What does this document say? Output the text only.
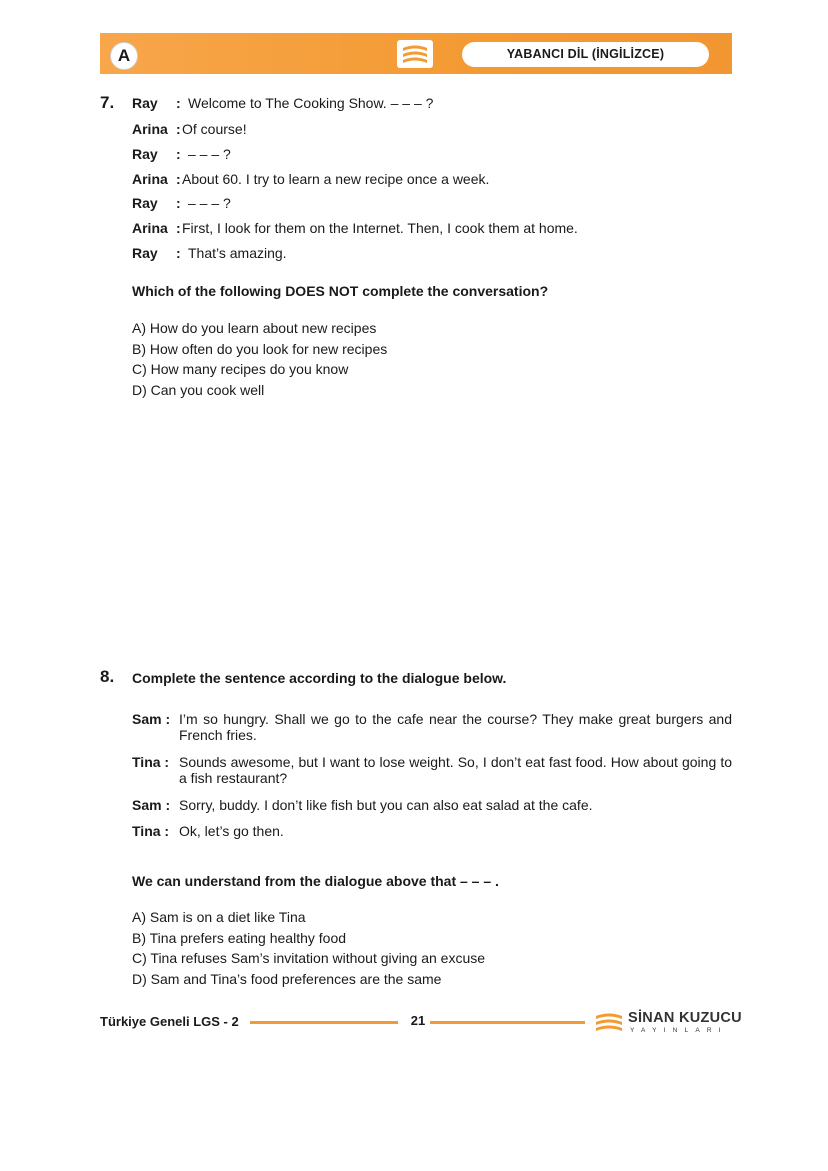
A	YABANCI DİL (İNGİLİZCE)
7. Ray : Welcome to The Cooking Show. – – – ?
Arina :Of course!
Ray : – – – ?
Arina :About 60. I try to learn a new recipe once a week.
Ray : – – – ?
Arina :First, I look for them on the Internet. Then, I cook them at home.
Ray : That’s amazing.
Which of the following DOES NOT complete the conversation?
A) How do you learn about new recipes
B) How often do you look for new recipes
C) How many recipes do you know
D) Can you cook well
8. Complete the sentence according to the dialogue below.
Sam : I’m so hungry. Shall we go to the cafe near the course? They make great burgers and French fries.
Tina : Sounds awesome, but I want to lose weight. So, I don’t eat fast food. How about going to a fish restaurant?
Sam : Sorry, buddy. I don’t like fish but you can also eat salad at the cafe.
Tina : Ok, let’s go then.
We can understand from the dialogue above that – – – .
A) Sam is on a diet like Tina
B) Tina prefers eating healthy food
C) Tina refuses Sam’s invitation without giving an excuse
D) Sam and Tina’s food preferences are the same
Türkiye Geneli LGS - 2	21	SİNAN KUZUCU
YAYINLARI
